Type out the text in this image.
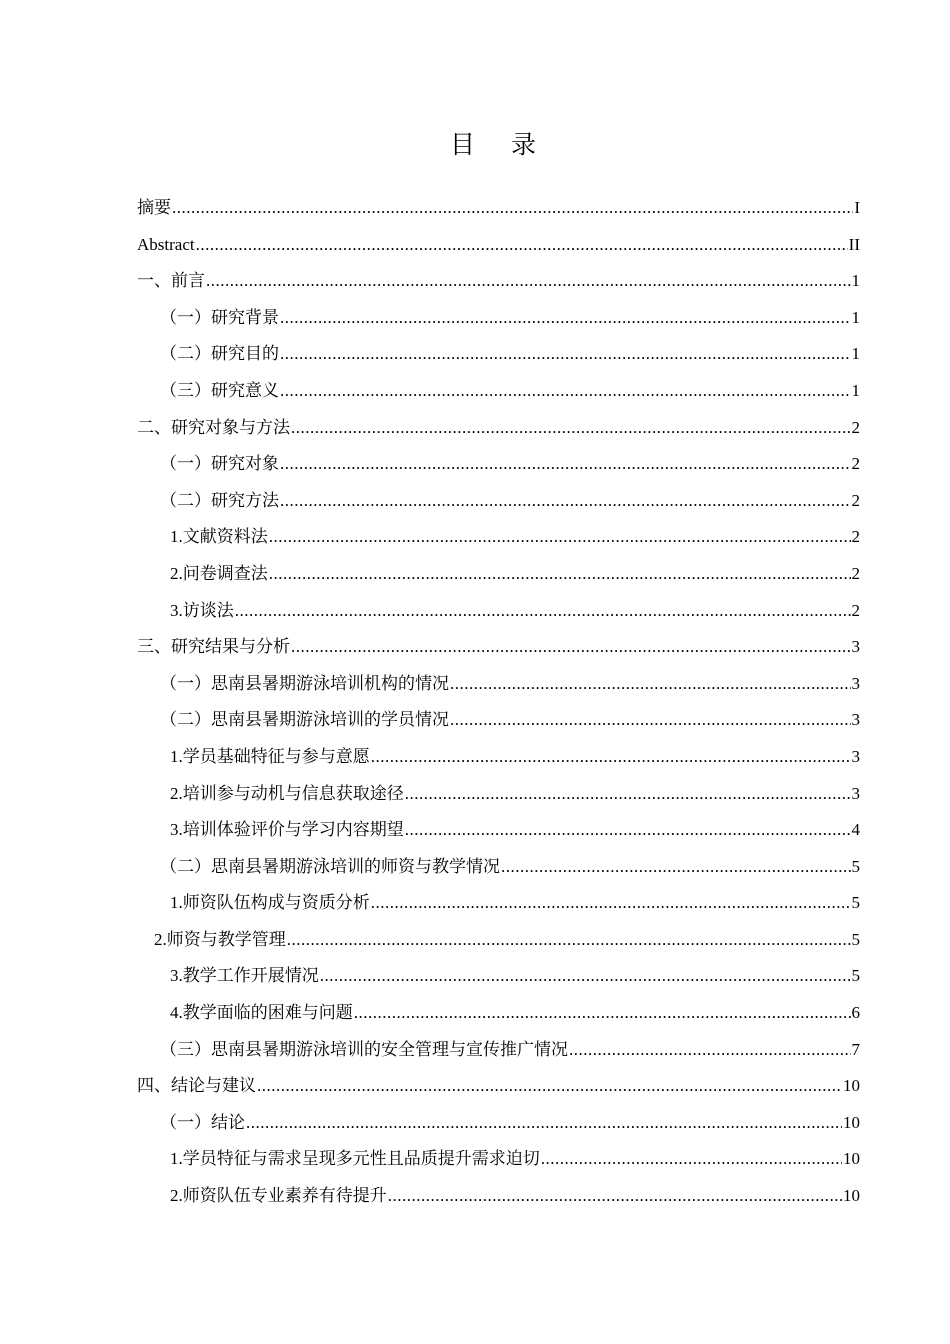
目 录
摘要 .....	I
Abstract .....	II
一、前言 .....	1
（一）研究背景 .....	1
（二）研究目的 .....	1
（三）研究意义 .....	1
二、研究对象与方法 .....	2
（一）研究对象 .....	2
（二）研究方法 .....	2
1.文献资料法 .....	2
2.问卷调查法 .....	2
3.访谈法 .....	2
三、研究结果与分析 .....	3
（一）思南县暑期游泳培训机构的情况 .....	3
（二）思南县暑期游泳培训的学员情况 .....	3
1.学员基础特征与参与意愿 .....	3
2.培训参与动机与信息获取途径 .....	3
3.培训体验评价与学习内容期望 .....	4
（二）思南县暑期游泳培训的师资与教学情况 .....	5
1.师资队伍构成与资质分析 .....	5
2.师资与教学管理 .....	5
3.教学工作开展情况 .....	5
4.教学面临的困难与问题 .....	6
（三）思南县暑期游泳培训的安全管理与宣传推广情况 .....	7
四、结论与建议 .....	10
（一）结论 .....	10
1.学员特征与需求呈现多元性且品质提升需求迫切 .....	10
2.师资队伍专业素养有待提升 .....	10
